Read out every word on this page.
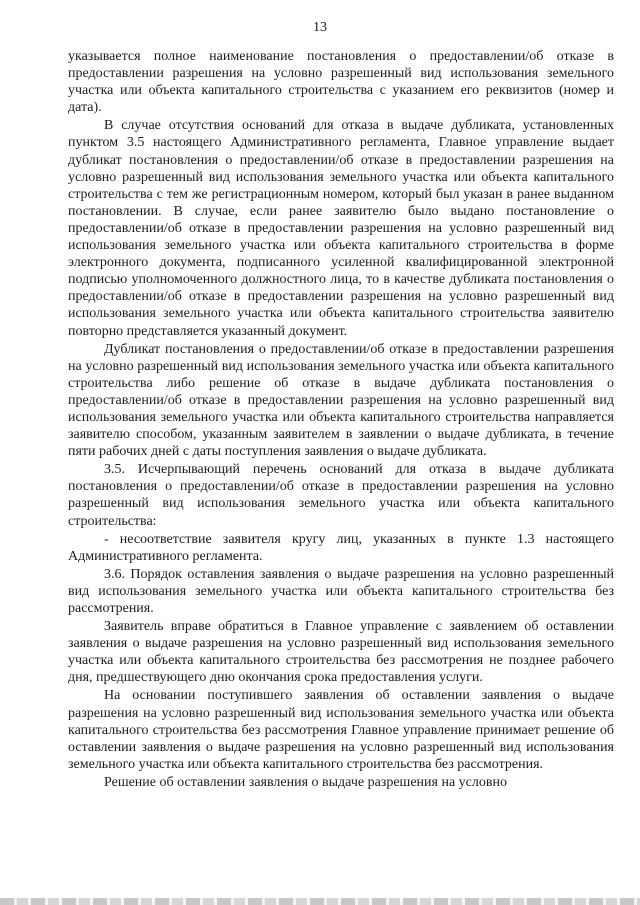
13

указывается полное наименование постановления о предоставлении/об отказе в предоставлении разрешения на условно разрешенный вид использования земельного участка или объекта капитального строительства с указанием его реквизитов (номер и дата).

В случае отсутствия оснований для отказа в выдаче дубликата, установленных пунктом 3.5 настоящего Административного регламента, Главное управление выдает дубликат постановления о предоставлении/об отказе в предоставлении разрешения на условно разрешенный вид использования земельного участка или объекта капитального строительства с тем же регистрационным номером, который был указан в ранее выданном постановлении. В случае, если ранее заявителю было выдано постановление о предоставлении/об отказе в предоставлении разрешения на условно разрешенный вид использования земельного участка или объекта капитального строительства в форме электронного документа, подписанного усиленной квалифицированной электронной подписью уполномоченного должностного лица, то в качестве дубликата постановления о предоставлении/об отказе в предоставлении разрешения на условно разрешенный вид использования земельного участка или объекта капитального строительства заявителю повторно представляется указанный документ.

Дубликат постановления о предоставлении/об отказе в предоставлении разрешения на условно разрешенный вид использования земельного участка или объекта капитального строительства либо решение об отказе в выдаче дубликата постановления о предоставлении/об отказе в предоставлении разрешения на условно разрешенный вид использования земельного участка или объекта капитального строительства направляется заявителю способом, указанным заявителем в заявлении о выдаче дубликата, в течение пяти рабочих дней с даты поступления заявления о выдаче дубликата.

3.5. Исчерпывающий перечень оснований для отказа в выдаче дубликата постановления о предоставлении/об отказе в предоставлении разрешения на условно разрешенный вид использования земельного участка или объекта капитального строительства:

- несоответствие заявителя кругу лиц, указанных в пункте 1.3 настоящего Административного регламента.

3.6. Порядок оставления заявления о выдаче разрешения на условно разрешенный вид использования земельного участка или объекта капитального строительства без рассмотрения.

Заявитель вправе обратиться в Главное управление с заявлением об оставлении заявления о выдаче разрешения на условно разрешенный вид использования земельного участка или объекта капитального строительства без рассмотрения не позднее рабочего дня, предшествующего дню окончания срока предоставления услуги.

На основании поступившего заявления об оставлении заявления о выдаче разрешения на условно разрешенный вид использования земельного участка или объекта капитального строительства без рассмотрения Главное управление принимает решение об оставлении заявления о выдаче разрешения на условно разрешенный вид использования земельного участка или объекта капитального строительства без рассмотрения.

Решение об оставлении заявления о выдаче разрешения на условно
